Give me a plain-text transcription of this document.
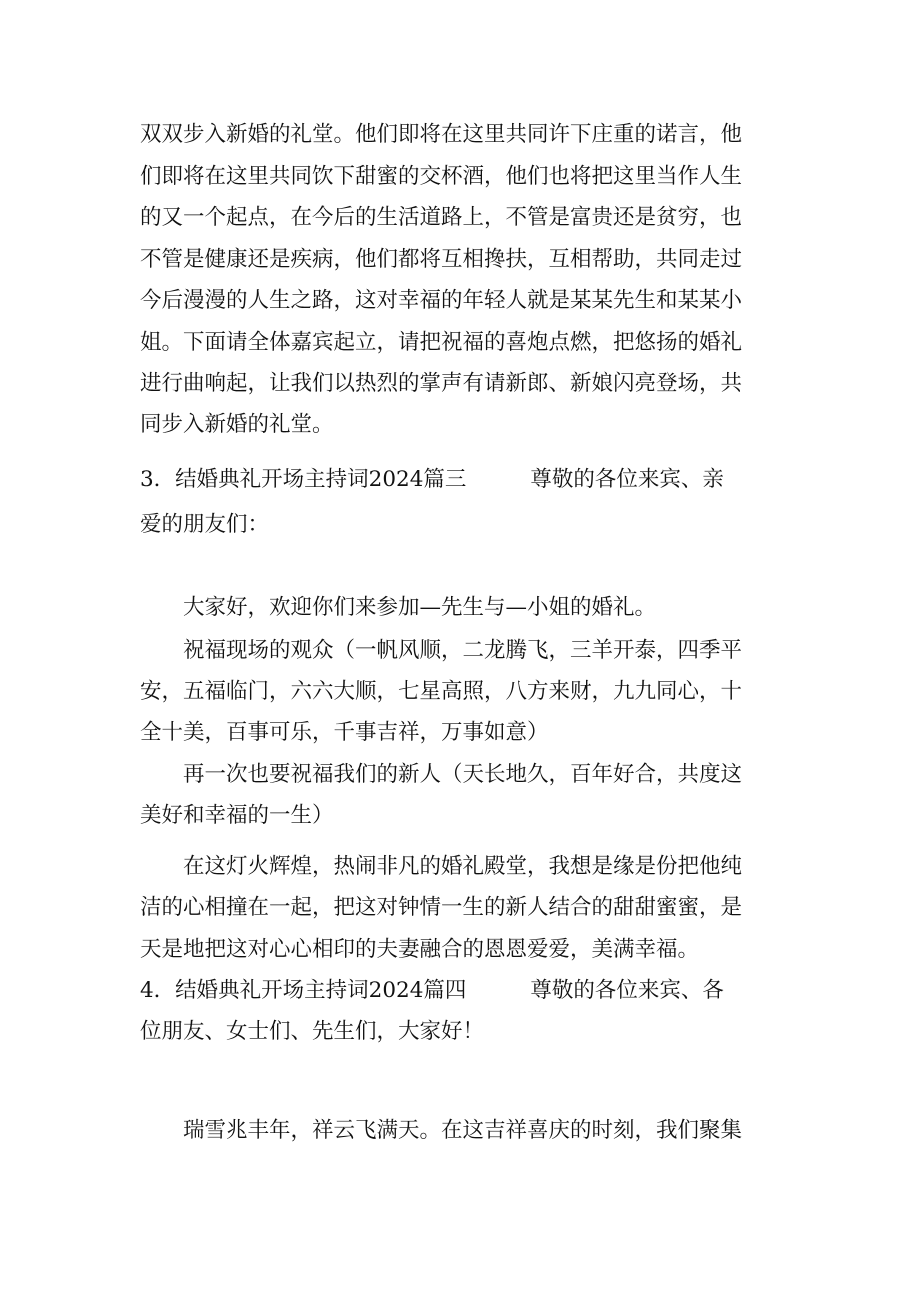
双双步入新婚的礼堂。他们即将在这里共同许下庄重的诺言，他
们即将在这里共同饮下甜蜜的交杯酒，他们也将把这里当作人生
的又一个起点，在今后的生活道路上，不管是富贵还是贫穷，也
不管是健康还是疾病，他们都将互相搀扶，互相帮助，共同走过
今后漫漫的人生之路，这对幸福的年轻人就是某某先生和某某小
姐。下面请全体嘉宾起立，请把祝福的喜炮点燃，把悠扬的婚礼
进行曲响起，让我们以热烈的掌声有请新郎、新娘闪亮登场，共
同步入新婚的礼堂。
3．结婚典礼开场主持词2024篇三	尊敬的各位来宾、亲
爱的朋友们：
大家好，欢迎你们来参加—先生与—小姐的婚礼。
祝福现场的观众（一帆风顺，二龙腾飞，三羊开泰，四季平
安，五福临门，六六大顺，七星高照，八方来财，九九同心，十
全十美，百事可乐，千事吉祥，万事如意）
再一次也要祝福我们的新人（天长地久，百年好合，共度这
美好和幸福的一生）
在这灯火辉煌，热闹非凡的婚礼殿堂，我想是缘是份把他纯
洁的心相撞在一起，把这对钟情一生的新人结合的甜甜蜜蜜，是
天是地把这对心心相印的夫妻融合的恩恩爱爱，美满幸福。
4．结婚典礼开场主持词2024篇四	尊敬的各位来宾、各
位朋友、女士们、先生们，大家好！
瑞雪兆丰年，祥云飞满天。在这吉祥喜庆的时刻，我们聚集
